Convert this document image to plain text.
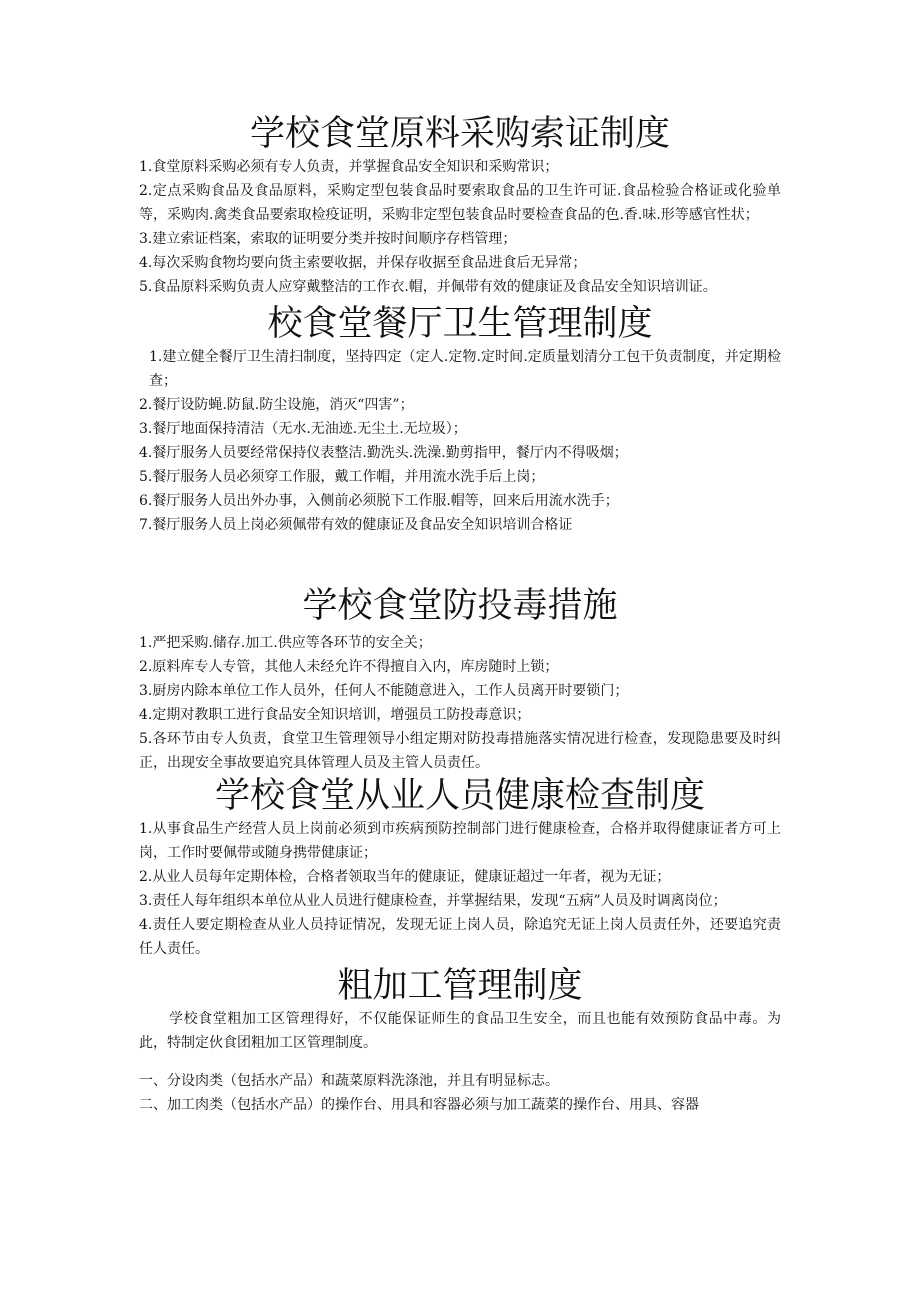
学校食堂原料采购索证制度
1.食堂原料采购必须有专人负责，并掌握食品安全知识和采购常识；
2.定点采购食品及食品原料，采购定型包装食品时要索取食品的卫生许可证.食品检验合格证或化验单等，采购肉.禽类食品要索取检疫证明，采购非定型包装食品时要检查食品的色.香.味.形等感官性状；
3.建立索证档案，索取的证明要分类并按时间顺序存档管理；
4.每次采购食物均要向货主索要收据，并保存收据至食品进食后无异常；
5.食品原料采购负责人应穿戴整洁的工作衣.帽，并佩带有效的健康证及食品安全知识培训证。
校食堂餐厅卫生管理制度
1.建立健全餐厅卫生清扫制度，坚持四定（定人.定物.定时间.定质量划清分工包干负责制度，并定期检查；
2.餐厅设防蝇.防鼠.防尘设施，消灭“四害”；
3.餐厅地面保持清洁（无水.无油迹.无尘土.无垃圾）；
4.餐厅服务人员要经常保持仪表整洁.勤洗头.洗澡.勤剪指甲，餐厅内不得吸烟；
5.餐厅服务人员必须穿工作服，戴工作帽，并用流水洗手后上岗；
6.餐厅服务人员出外办事，入侧前必须脱下工作服.帽等，回来后用流水洗手；
7.餐厅服务人员上岗必须佩带有效的健康证及食品安全知识培训合格证
学校食堂防投毒措施
1.严把采购.储存.加工.供应等各环节的安全关；
2.原料库专人专管，其他人未经允许不得擅自入内，库房随时上锁；
3.厨房内除本单位工作人员外，任何人不能随意进入，工作人员离开时要锁门；
4.定期对教职工进行食品安全知识培训，增强员工防投毒意识；
5.各环节由专人负责，食堂卫生管理领导小组定期对防投毒措施落实情况进行检查，发现隐患要及时纠正，出现安全事故要追究具体管理人员及主管人员责任。
学校食堂从业人员健康检查制度
1.从事食品生产经营人员上岗前必须到市疾病预防控制部门进行健康检查，合格并取得健康证者方可上岗，工作时要佩带或随身携带健康证；
2.从业人员每年定期体检，合格者领取当年的健康证，健康证超过一年者，视为无证；
3.责任人每年组织本单位从业人员进行健康检查，并掌握结果，发现“五病”人员及时调离岗位；
4.责任人要定期检查从业人员持证情况，发现无证上岗人员，除追究无证上岗人员责任外，还要追究责任人责任。
粗加工管理制度

学校食堂粗加工区管理得好，不仅能保证师生的食品卫生安全，而且也能有效预防食品中毒。为此，特制定伙食团粗加工区管理制度。

一、分设肉类（包括水产品）和蔬菜原料洗涤池，并且有明显标志。
二、加工肉类（包括水产品）的操作台、用具和容器必须与加工蔬菜的操作台、用具、容器
